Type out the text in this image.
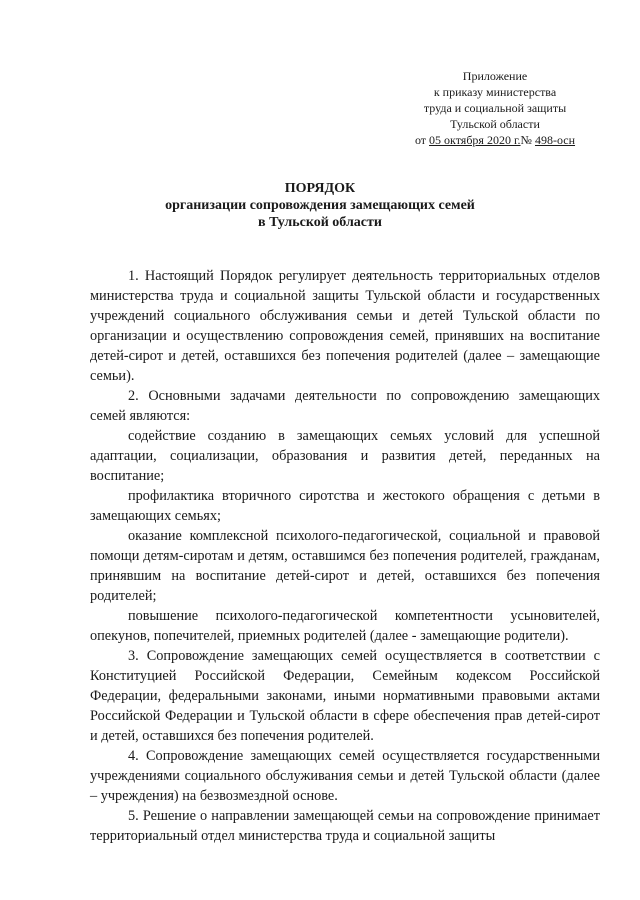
Приложение
к приказу министерства
труда и социальной защиты
Тульской области
от 05 октября 2020 г.№ 498-осн
ПОРЯДОК
организации сопровождения замещающих семей
в Тульской области

1. Настоящий Порядок регулирует деятельность территориальных отделов министерства труда и социальной защиты Тульской области и государственных учреждений социального обслуживания семьи и детей Тульской области по организации и осуществлению сопровождения семей, принявших на воспитание детей-сирот и детей, оставшихся без попечения родителей (далее – замещающие семьи).

2. Основными задачами деятельности по сопровождению замещающих семей являются:

содействие созданию в замещающих семьях условий для успешной адаптации, социализации, образования и развития детей, переданных на воспитание;

профилактика вторичного сиротства и жестокого обращения с детьми в замещающих семьях;

оказание комплексной психолого-педагогической, социальной и правовой помощи детям-сиротам и детям, оставшимся без попечения родителей, гражданам, принявшим на воспитание детей-сирот и детей, оставшихся без попечения родителей;

повышение психолого-педагогической компетентности усыновителей, опекунов, попечителей, приемных родителей (далее - замещающие родители).

3. Сопровождение замещающих семей осуществляется в соответствии с Конституцией Российской Федерации, Семейным кодексом Российской Федерации, федеральными законами, иными нормативными правовыми актами Российской Федерации и Тульской области в сфере обеспечения прав детей-сирот и детей, оставшихся без попечения родителей.

4. Сопровождение замещающих семей осуществляется государственными учреждениями социального обслуживания семьи и детей Тульской области (далее – учреждения) на безвозмездной основе.

5. Решение о направлении замещающей семьи на сопровождение принимает территориальный отдел министерства труда и социальной защиты
